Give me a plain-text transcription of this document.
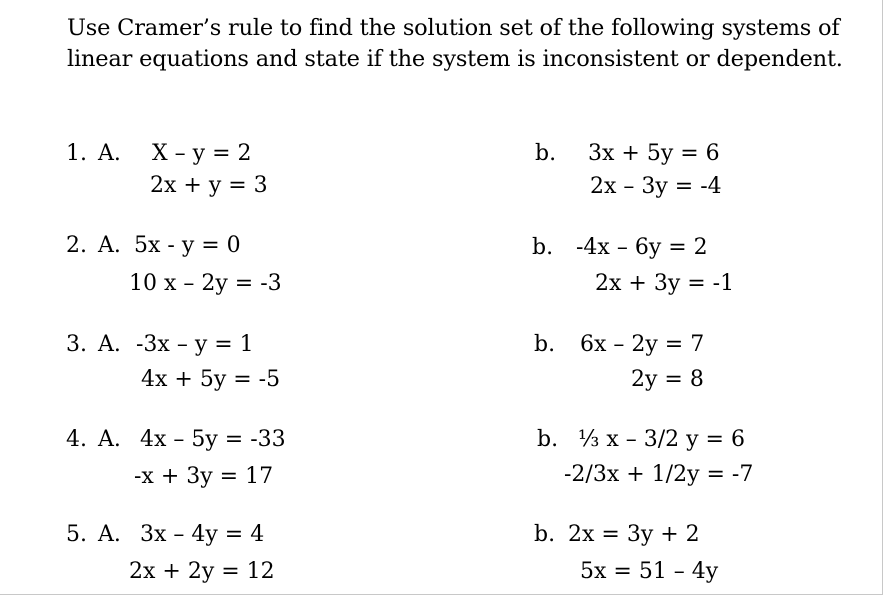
Use Cramer’s rule to find the solution set of the following systems of
linear equations and state if the system is inconsistent or dependent.
1. A. X – y = 2
2x + y = 3
b. 3x + 5y = 6
2x – 3y = -4
2. A. 5x - y = 0
10 x – 2y = -3
b. -4x – 6y = 2
2x + 3y = -1
3. A. -3x – y = 1
4x + 5y = -5
b. 6x – 2y = 7
2y = 8
4. A. 4x – 5y = -33
-x + 3y = 17
b. ⅓ x – 3/2 y = 6
-2/3x + 1/2y = -7
5. A. 3x – 4y = 4
2x + 2y = 12
b. 2x = 3y + 2
5x = 51 – 4y
